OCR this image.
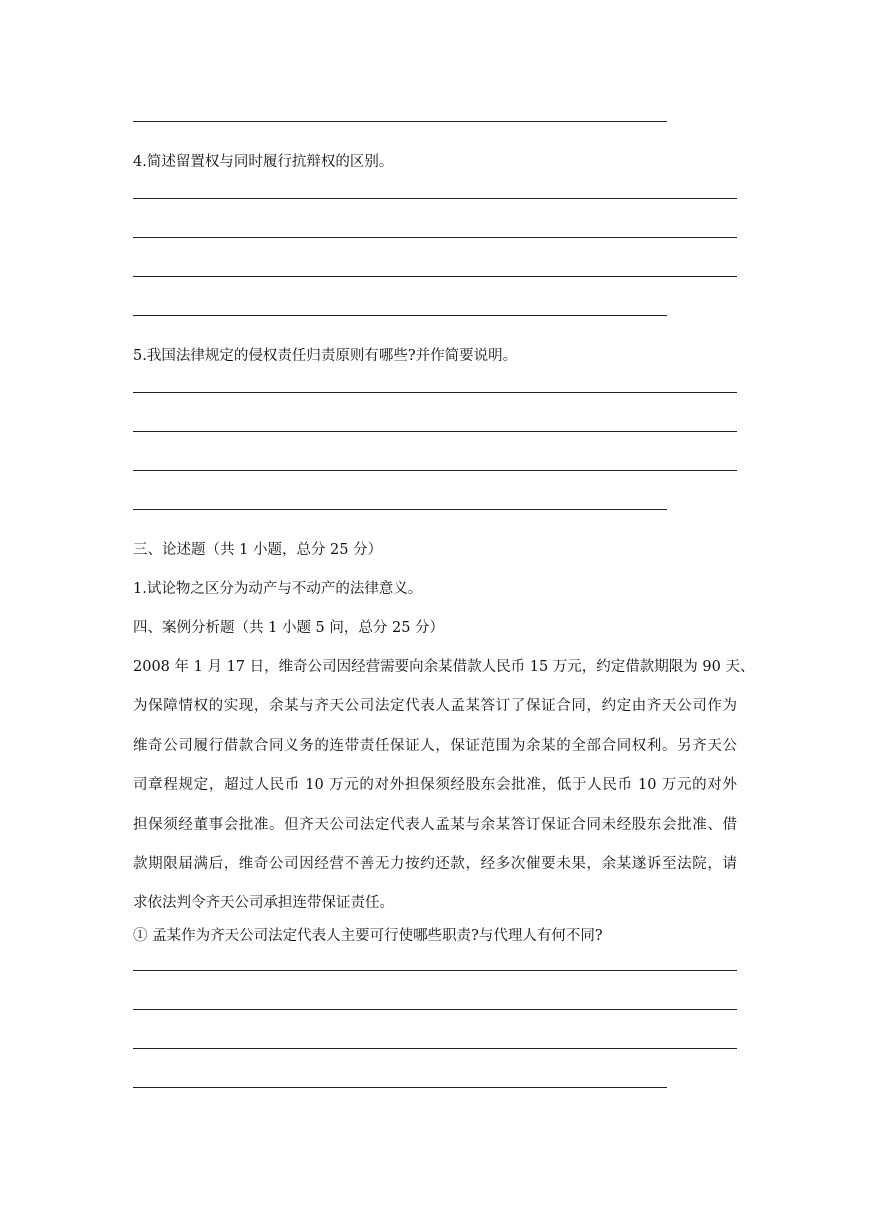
4.简述留置权与同时履行抗辩权的区别。
5.我国法律规定的侵权责任归责原则有哪些?并作简要说明。
三、论述题（共 1 小题，总分 25 分）
1.试论物之区分为动产与不动产的法律意义。
四、案例分析题（共 1 小题 5 问，总分 25 分）
2008 年 1 月 17 日，维奇公司因经营需要向余某借款人民币 15 万元，约定借款期限为 90 天、
为保障情权的实现，余某与齐天公司法定代表人孟某答订了保证合同，约定由齐天公司作为
维奇公司履行借款合同义务的连带责任保证人，保证范围为余某的全部合同权利。另齐天公
司章程规定，超过人民币 10 万元的对外担保须经股东会批准，低于人民币 10 万元的对外
担保须经董事会批准。但齐天公司法定代表人孟某与余某答订保证合同未经股东会批准、借
款期限届满后，维奇公司因经营不善无力按约还款，经多次催要未果，余某遂诉至法院，请
求依法判令齐天公司承担连带保证责任。
① 孟某作为齐天公司法定代表人主要可行使哪些职责?与代理人有何不同?
